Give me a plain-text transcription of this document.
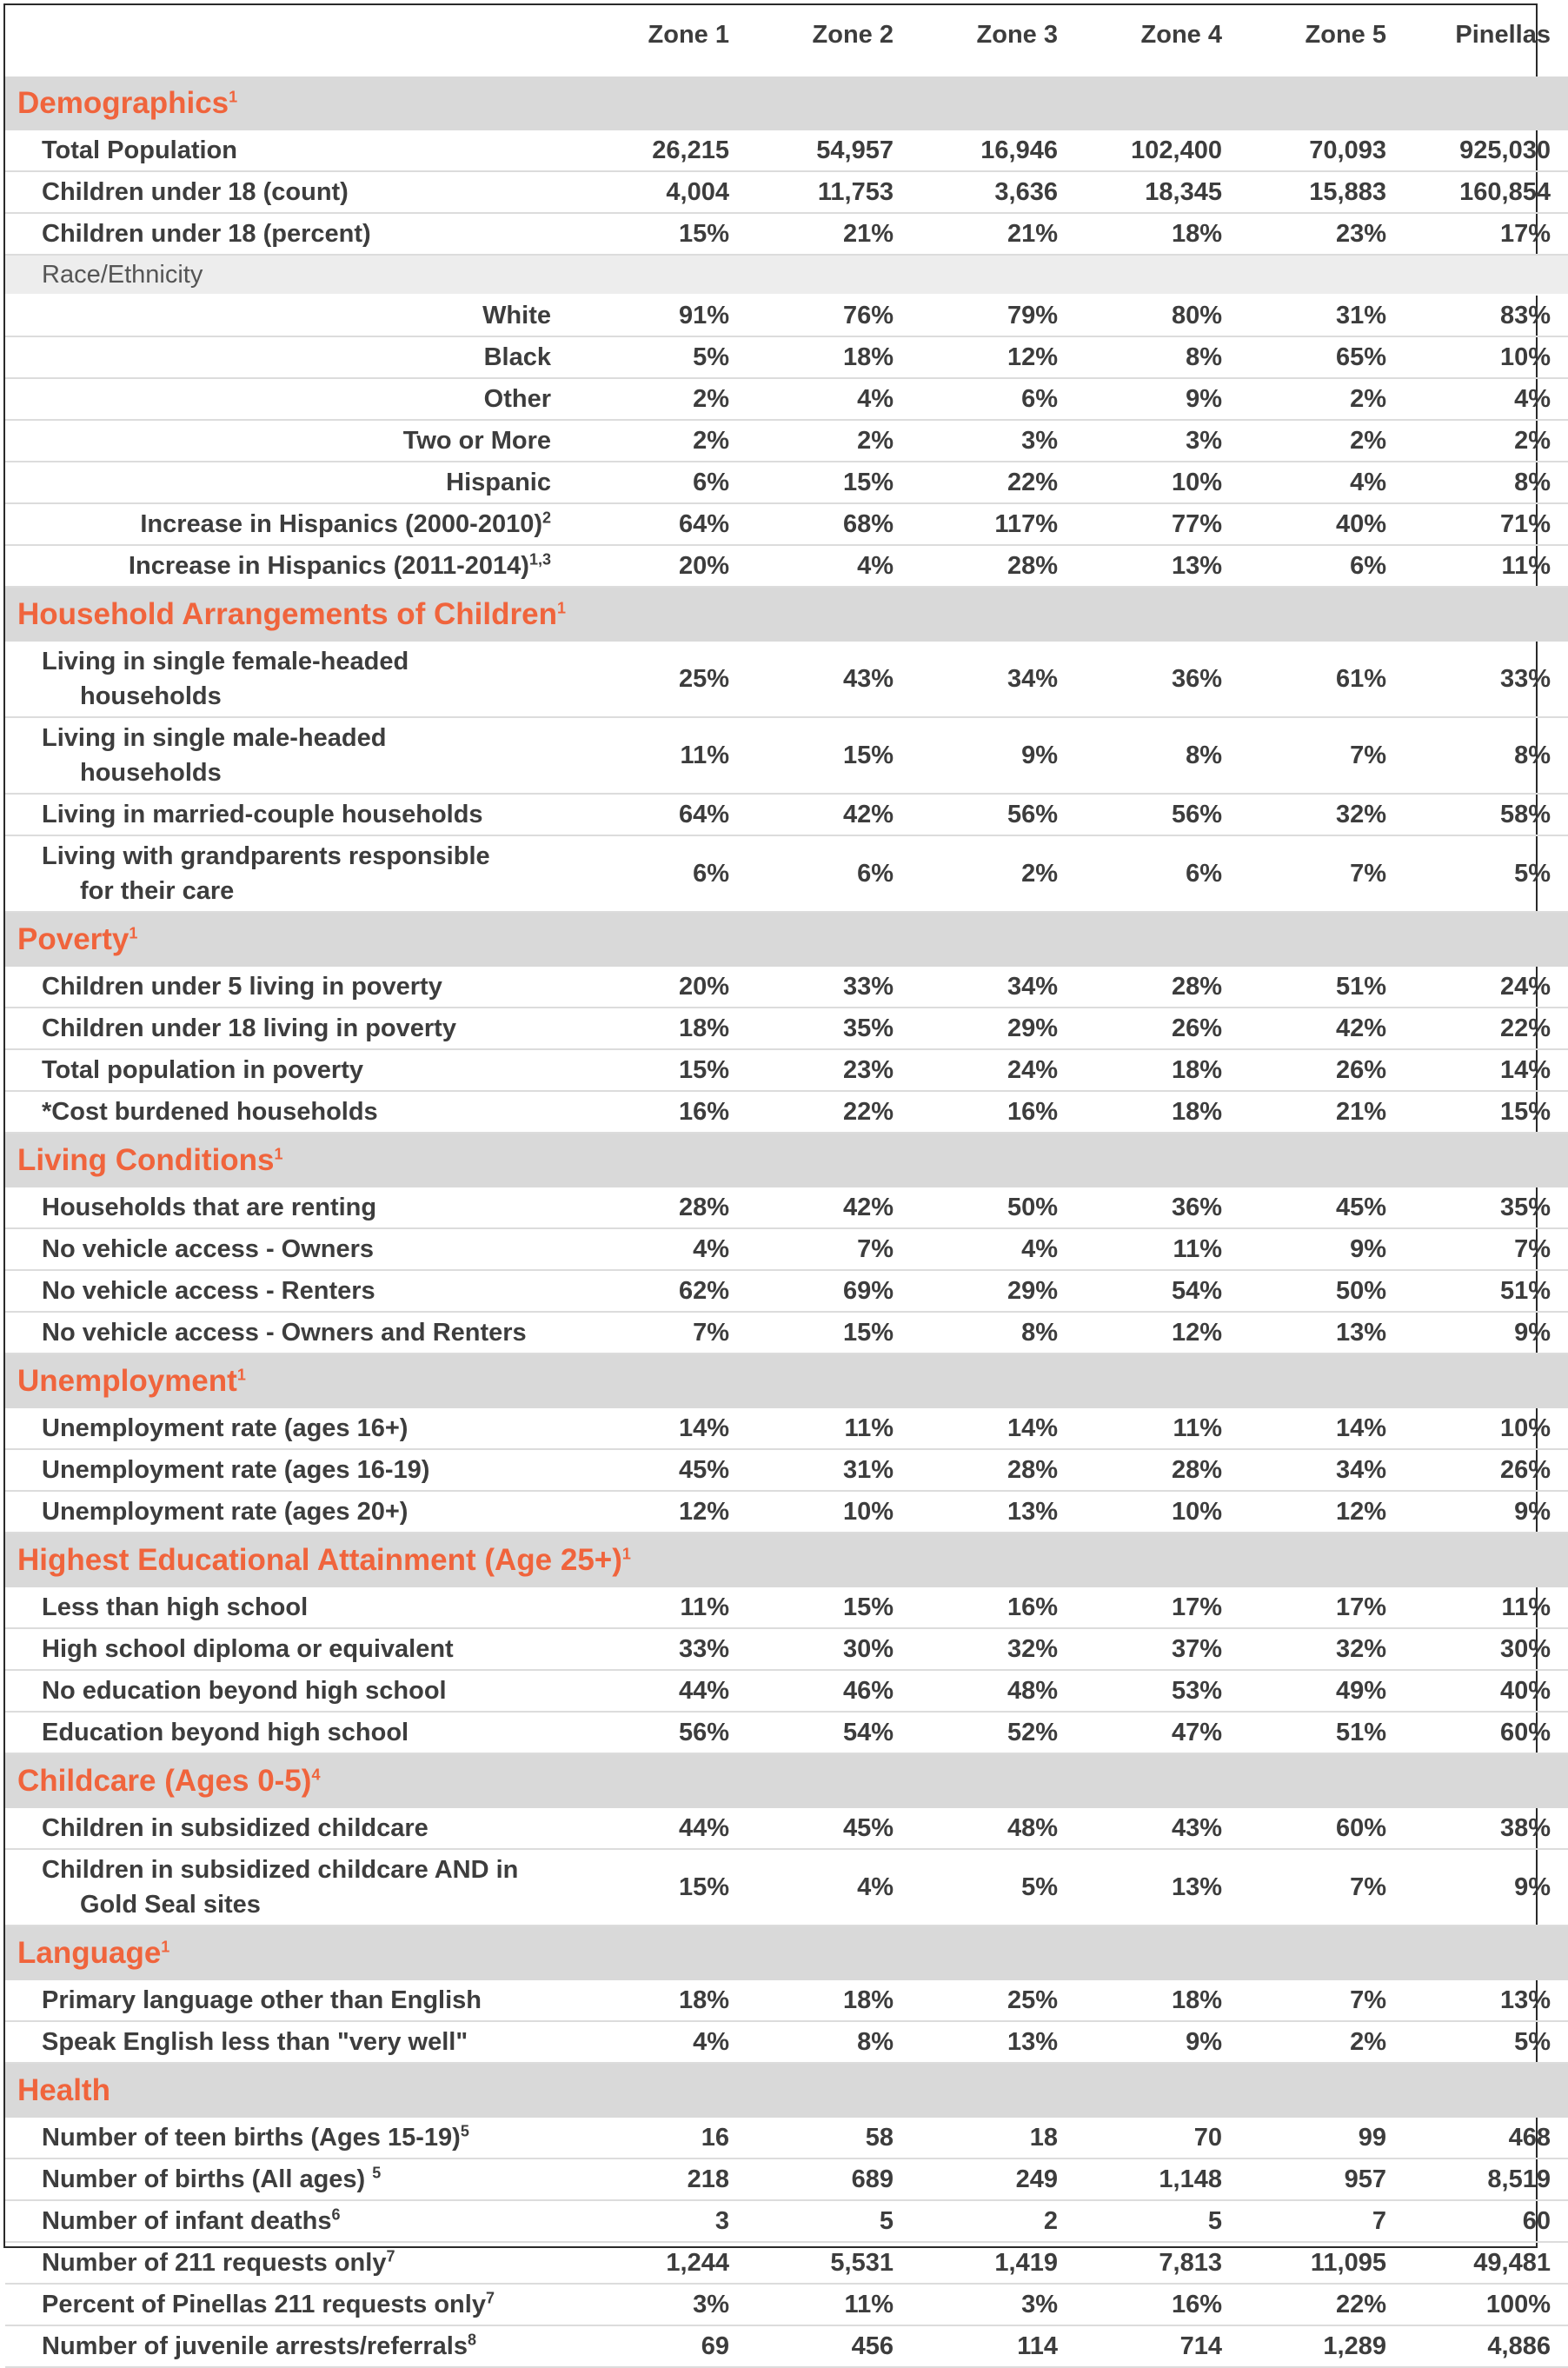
	Zone 1	Zone 2	Zone 3	Zone 4	Zone 5	Pinellas
Demographics$^1$
Total Population	26,215	54,957	16,946	102,400	70,093	925,030
Children under 18 (count)	4,004	11,753	3,636	18,345	15,883	160,854
Children under 18 (percent)	15%	21%	21%	18%	23%	17%
Race/Ethnicity						
White	91%	76%	79%	80%	31%	83%
Black	5%	18%	12%	8%	65%	10%
Other	2%	4%	6%	9%	2%	4%
Two or More	2%	2%	3%	3%	2%	2%
Hispanic	6%	15%	22%	10%	4%	8%
Increase in Hispanics (2000-2010)$^2$	64%	68%	117%	77%	40%	71%
Increase in Hispanics (2011-2014)$^{1,3}$	20%	4%	28%	13%	6%	11%
Household Arrangements of Children$^1$
Living in single female-headed
households	25%	43%	34%	36%	61%	33%
Living in single male-headed
households	11%	15%	9%	8%	7%	8%
Living in married-couple households	64%	42%	56%	56%	32%	58%
Living with grandparents responsible
for their care	6%	6%	2%	6%	7%	5%
Poverty$^1$
Children under 5 living in poverty	20%	33%	34%	28%	51%	24%
Children under 18 living in poverty	18%	35%	29%	26%	42%	22%
Total population in poverty	15%	23%	24%	18%	26%	14%
*Cost burdened households	16%	22%	16%	18%	21%	15%
Living Conditions$^1$
Households that are renting	28%	42%	50%	36%	45%	35%
No vehicle access - Owners	4%	7%	4%	11%	9%	7%
No vehicle access - Renters	62%	69%	29%	54%	50%	51%
No vehicle access - Owners and Renters	7%	15%	8%	12%	13%	9%
Unemployment$^1$
Unemployment rate (ages 16+)	14%	11%	14%	11%	14%	10%
Unemployment rate (ages 16-19)	45%	31%	28%	28%	34%	26%
Unemployment rate (ages 20+)	12%	10%	13%	10%	12%	9%
Highest Educational Attainment (Age 25+)$^1$
Less than high school	11%	15%	16%	17%	17%	11%
High school diploma or equivalent	33%	30%	32%	37%	32%	30%
No education beyond high school	44%	46%	48%	53%	49%	40%
Education beyond high school	56%	54%	52%	47%	51%	60%
Childcare (Ages 0-5)$^4$
Children in subsidized childcare	44%	45%	48%	43%	60%	38%
Children in subsidized childcare AND in
Gold Seal sites	15%	4%	5%	13%	7%	9%
Language$^1$
Primary language other than English	18%	18%	25%	18%	7%	13%
Speak English less than "very well"	4%	8%	13%	9%	2%	5%
Health						
Number of teen births (Ages 15-19)$^5$	16	58	18	70	99	468
Number of births (All ages) $^5$	218	689	249	1,148	957	8,519
Number of infant deaths$^6$	3	5	2	5	7	60
Number of 211 requests only$^7$	1,244	5,531	1,419	7,813	11,095	49,481
Percent of Pinellas 211 requests only$^7$	3%	11%	3%	16%	22%	100%
Number of juvenile arrests/referrals$^8$	69	456	114	714	1,289	4,886
